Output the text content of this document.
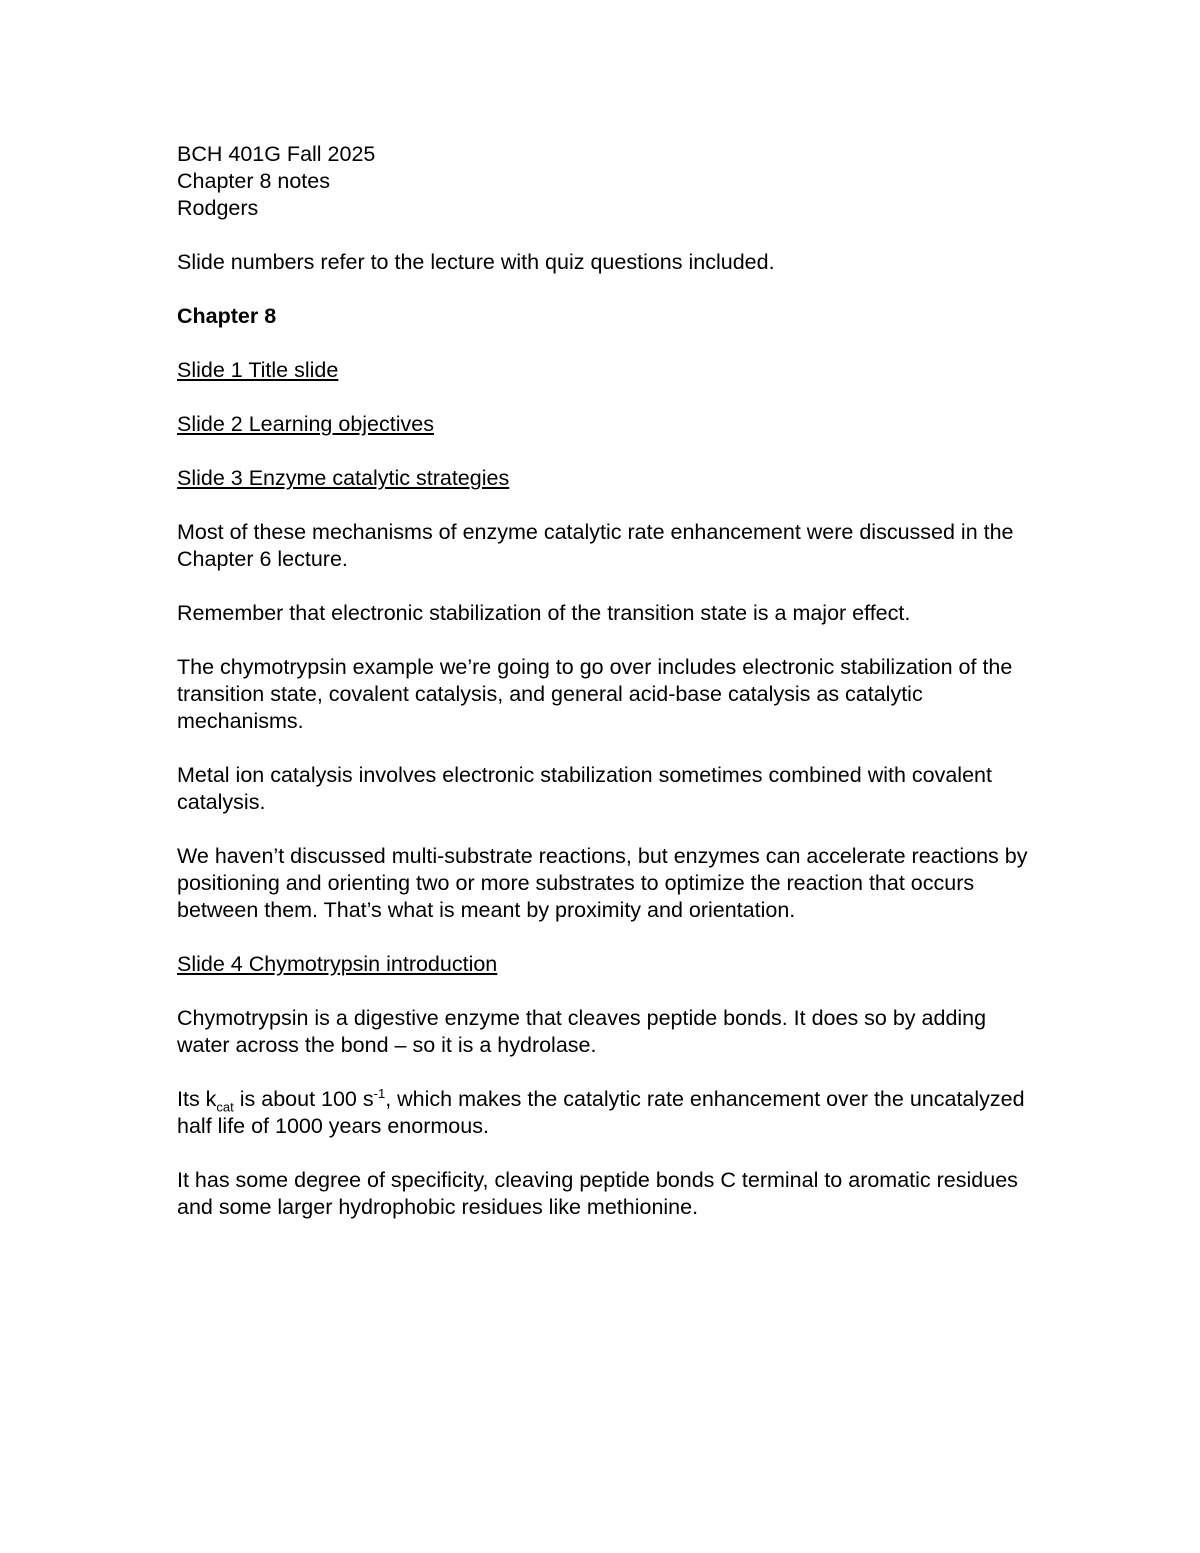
BCH 401G Fall 2025

Chapter 8 notes

Rodgers

Slide numbers refer to the lecture with quiz questions included.

Chapter 8

Slide 1 Title slide

Slide 2 Learning objectives

Slide 3 Enzyme catalytic strategies

Most of these mechanisms of enzyme catalytic rate enhancement were discussed in the Chapter 6 lecture.

Remember that electronic stabilization of the transition state is a major effect.

The chymotrypsin example we’re going to go over includes electronic stabilization of the transition state, covalent catalysis, and general acid-base catalysis as catalytic mechanisms.

Metal ion catalysis involves electronic stabilization sometimes combined with covalent catalysis.

We haven’t discussed multi-substrate reactions, but enzymes can accelerate reactions by positioning and orienting two or more substrates to optimize the reaction that occurs between them. That’s what is meant by proximity and orientation.

Slide 4 Chymotrypsin introduction

Chymotrypsin is a digestive enzyme that cleaves peptide bonds. It does so by adding water across the bond – so it is a hydrolase.

Its $k_{cat}$ is about 100 $s^{-1}$, which makes the catalytic rate enhancement over the uncatalyzed half life of 1000 years enormous.

It has some degree of specificity, cleaving peptide bonds C terminal to aromatic residues and some larger hydrophobic residues like methionine.
